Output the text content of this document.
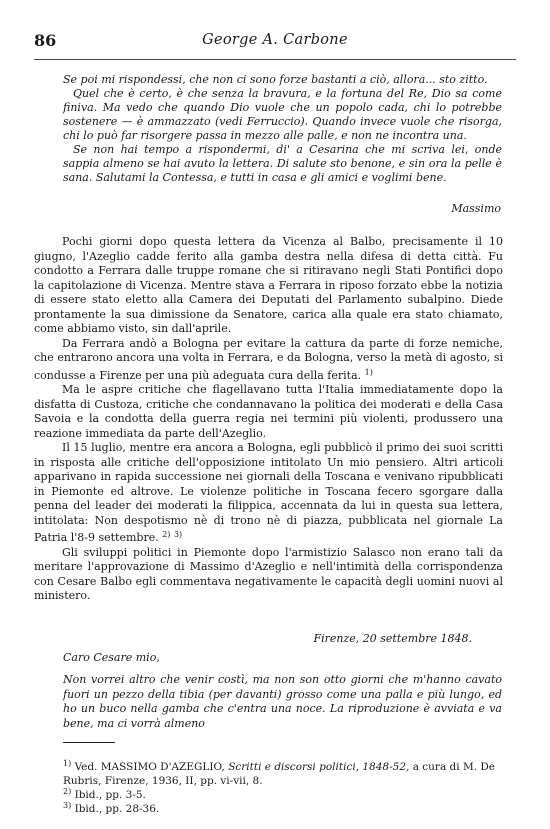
86	George A. Carbone

Se poi mi rispondessi, che non ci sono forze bastanti a ciò, allora... sto zitto.

Quel che è certo, è che senza la bravura, e la fortuna del Re, Dio sa come finiva. Ma vedo che quando Dio vuole che un popolo cada, chi lo potrebbe sostenere — è ammazzato (vedi Ferruccio). Quando invece vuole che risorga, chi lo può far risorgere passa in mezzo alle palle, e non ne incontra una.

Se non hai tempo a rispondermi, di' a Cesarina che mi scriva lei, onde sappia almeno se hai avuto la lettera. Di salute sto benone, e sin ora la pelle è sana. Salutami la Contessa, e tutti in casa e gli amici e voglimi bene.

Massimo

Pochi giorni dopo questa lettera da Vicenza al Balbo, precisamente il 10 giugno, l'Azeglio cadde ferito alla gamba destra nella difesa di detta città. Fu condotto a Ferrara dalle truppe romane che si ritiravano negli Stati Pontifici dopo la capitolazione di Vicenza. Mentre stava a Ferrara in riposo forzato ebbe la notizia di essere stato eletto alla Camera dei Deputati del Parlamento subalpino. Diede prontamente la sua dimissione da Senatore, carica alla quale era stato chiamato, come abbiamo visto, sin dall'aprile.

Da Ferrara andò a Bologna per evitare la cattura da parte di forze nemiche, che entrarono ancora una volta in Ferrara, e da Bologna, verso la metà di agosto, si condusse a Firenze per una più adeguata cura della ferita. $^{1)}$

Ma le aspre critiche che flagellavano tutta l'Italia immediatamente dopo la disfatta di Custoza, critiche che condannavano la politica dei moderati e della Casa Savoia e la condotta della guerra regia nei termini più violenti, produssero una reazione immediata da parte dell'Azeglio.

Il 15 luglio, mentre era ancora a Bologna, egli pubblicò il primo dei suoi scritti in risposta alle critiche dell'opposizione intitolato Un mio pensiero. Altri articoli apparivano in rapida successione nei giornali della Toscana e venivano ripubblicati in Piemonte ed altrove. Le violenze politiche in Toscana fecero sgorgare dalla penna del leader dei moderati la filippica, accennata da lui in questa sua lettera, intitolata: Non despotismo nè di trono nè di piazza, pubblicata nel giornale La Patria l'8-9 settembre. $^{2)}$ $^{3)}$

Gli sviluppi politici in Piemonte dopo l'armistizio Salasco non erano tali da meritare l'approvazione di Massimo d'Azeglio e nell'intimità della corrispondenza con Cesare Balbo egli commentava negativamente le capacità degli uomini nuovi al ministero.

Firenze, 20 settembre 1848.
Caro Cesare mio,

Non vorrei altro che venir costì, ma non son otto giorni che m'hanno cavato fuori un pezzo della tibia (per davanti) grosso come una palla e più lungo, ed ho un buco nella gamba che c'entra una noce. La riproduzione è avviata e va bene, ma ci vorrà almeno

$^{1)}$ Ved. MASSIMO D'AZEGLIO, Scritti e discorsi politici, 1848-52, a cura di M. De Rubris, Firenze, 1936, II, pp. vi-vii, 8.
$^{2)}$ Ibid., pp. 3-5.
$^{3)}$ Ibid., pp. 28-36.
